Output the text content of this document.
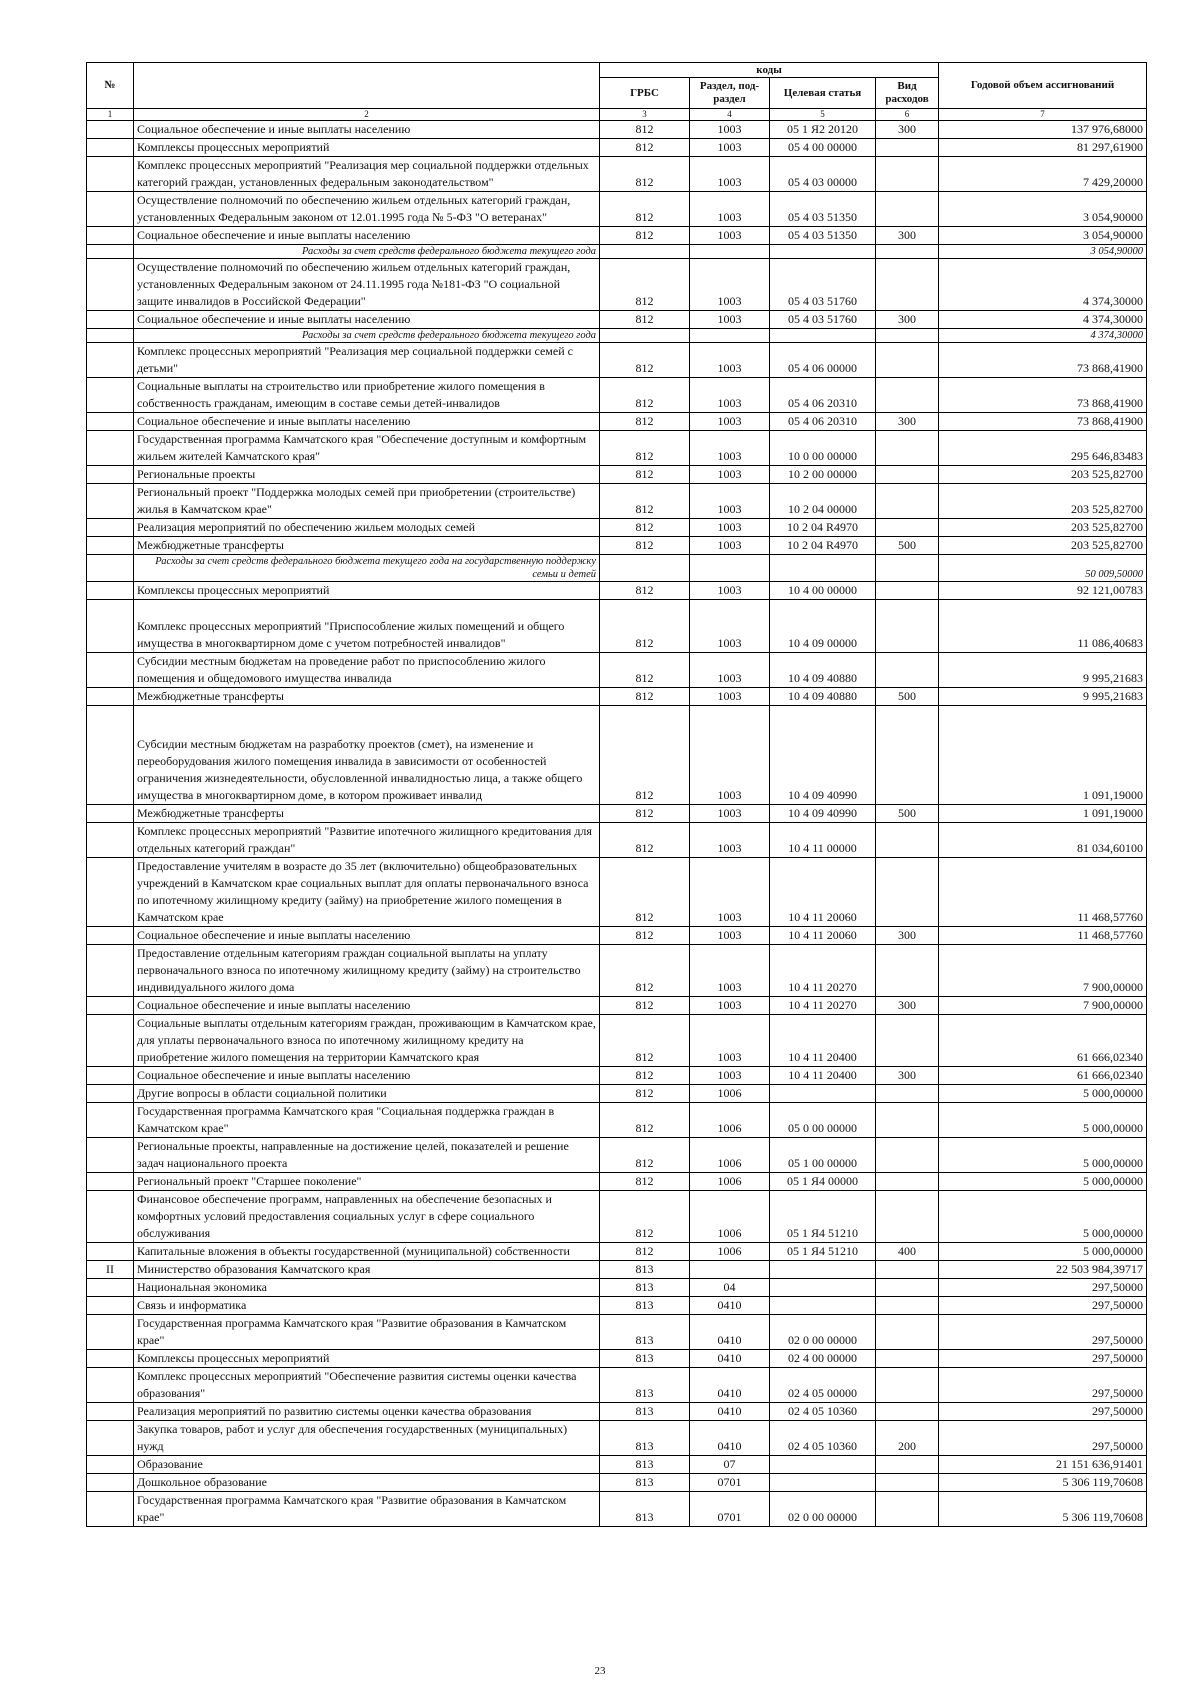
№		коды				Годовой объем ассигнований
		ГРБС	Раздел, под-раздел	Целевая статья	Вид расходов	
1	2	3	4	5	6	7
	Социальное обеспечение и иные выплаты населению	812	1003	05 1 Я2 20120	300	137 976,68000
	Комплексы процессных мероприятий	812	1003	05 4 00 00000		81 297,61900
	Комплекс процессных мероприятий "Реализация мер социальной поддержки отдельных категорий граждан, установленных федеральным законодательством"	812	1003	05 4 03 00000		7 429,20000
	Осуществление полномочий по обеспечению жильем отдельных категорий граждан, установленных Федеральным законом от 12.01.1995 года № 5-ФЗ "О ветеранах"	812	1003	05 4 03 51350		3 054,90000
	Социальное обеспечение и иные выплаты населению	812	1003	05 4 03 51350	300	3 054,90000
	Расходы за счет средств федерального бюджета текущего года					3 054,90000
	Осуществление полномочий по обеспечению жильем отдельных категорий граждан, установленных Федеральным законом от 24.11.1995 года №181-ФЗ "О социальной защите инвалидов в Российской Федерации"	812	1003	05 4 03 51760		4 374,30000
	Социальное обеспечение и иные выплаты населению	812	1003	05 4 03 51760	300	4 374,30000
	Расходы за счет средств федерального бюджета текущего года					4 374,30000
	Комплекс процессных мероприятий "Реализация мер социальной поддержки семей с детьми"	812	1003	05 4 06 00000		73 868,41900
	Социальные выплаты на строительство или приобретение жилого помещения в собственность гражданам, имеющим в составе семьи детей-инвалидов	812	1003	05 4 06 20310		73 868,41900
	Социальное обеспечение и иные выплаты населению	812	1003	05 4 06 20310	300	73 868,41900
	Государственная программа Камчатского края "Обеспечение доступным и комфортным жильем жителей Камчатского края"	812	1003	10 0 00 00000		295 646,83483
	Региональные проекты	812	1003	10 2 00 00000		203 525,82700
	Региональный проект "Поддержка молодых семей при приобретении (строительстве) жилья в Камчатском крае"	812	1003	10 2 04 00000		203 525,82700
	Реализация мероприятий по обеспечению жильем молодых семей	812	1003	10 2 04 R4970		203 525,82700
	Межбюджетные трансферты	812	1003	10 2 04 R4970	500	203 525,82700
	Расходы за счет средств федерального бюджета текущего года на государственную поддержку семьи и детей					50 009,50000
	Комплексы процессных мероприятий	812	1003	10 4 00 00000		92 121,00783
	Комплекс процессных мероприятий "Приспособление жилых помещений и общего имущества в многоквартирном доме с учетом потребностей инвалидов"	812	1003	10 4 09 00000		11 086,40683
	Субсидии местным бюджетам на проведение работ по приспособлению жилого помещения и общедомового имущества инвалида	812	1003	10 4 09 40880		9 995,21683
	Межбюджетные трансферты	812	1003	10 4 09 40880	500	9 995,21683
	Субсидии местным бюджетам на разработку проектов (смет), на изменение и переоборудования жилого помещения инвалида в зависимости от особенностей ограничения жизнедеятельности, обусловленной инвалидностью лица, а также общего имущества в многоквартирном доме, в котором проживает инвалид	812	1003	10 4 09 40990		1 091,19000
	Межбюджетные трансферты	812	1003	10 4 09 40990	500	1 091,19000
	Комплекс процессных мероприятий "Развитие ипотечного жилищного кредитования для отдельных категорий граждан"	812	1003	10 4 11 00000		81 034,60100
	Предоставление учителям в возрасте до 35 лет (включительно) общеобразовательных учреждений в Камчатском крае социальных выплат для оплаты первоначального взноса по ипотечному жилищному кредиту (займу) на приобретение жилого помещения в Камчатском крае	812	1003	10 4 11 20060		11 468,57760
	Социальное обеспечение и иные выплаты населению	812	1003	10 4 11 20060	300	11 468,57760
	Предоставление отдельным категориям граждан социальной выплаты на уплату первоначального взноса по ипотечному жилищному кредиту (займу) на строительство индивидуального жилого дома	812	1003	10 4 11 20270		7 900,00000
	Социальное обеспечение и иные выплаты населению	812	1003	10 4 11 20270	300	7 900,00000
	Социальные выплаты отдельным категориям граждан, проживающим в Камчатском крае, для уплаты первоначального взноса по ипотечному жилищному кредиту на приобретение жилого помещения на территории Камчатского края	812	1003	10 4 11 20400		61 666,02340
	Социальное обеспечение и иные выплаты населению	812	1003	10 4 11 20400	300	61 666,02340
	Другие вопросы в области социальной политики	812	1006			5 000,00000
	Государственная программа Камчатского края "Социальная поддержка граждан в Камчатском крае"	812	1006	05 0 00 00000		5 000,00000
	Региональные проекты, направленные на достижение целей, показателей и решение задач национального проекта	812	1006	05 1 00 00000		5 000,00000
	Региональный проект "Старшее поколение"	812	1006	05 1 Я4 00000		5 000,00000
	Финансовое обеспечение программ, направленных на обеспечение безопасных и комфортных условий предоставления социальных услуг в сфере социального обслуживания	812	1006	05 1 Я4 51210		5 000,00000
	Капитальные вложения в объекты государственной (муниципальной) собственности	812	1006	05 1 Я4 51210	400	5 000,00000
II	Министерство образования Камчатского края	813				22 503 984,39717
	Национальная экономика	813	04			297,50000
	Связь и информатика	813	0410			297,50000
	Государственная программа Камчатского края "Развитие образования в Камчатском крае"	813	0410	02 0 00 00000		297,50000
	Комплексы процессных мероприятий	813	0410	02 4 00 00000		297,50000
	Комплекс процессных мероприятий "Обеспечение развития системы оценки качества образования"	813	0410	02 4 05 00000		297,50000
	Реализация мероприятий по развитию системы оценки качества образования	813	0410	02 4 05 10360		297,50000
	Закупка товаров, работ и услуг для обеспечения государственных (муниципальных) нужд	813	0410	02 4 05 10360	200	297,50000
	Образование	813	07			21 151 636,91401
	Дошкольное образование	813	0701			5 306 119,70608
	Государственная программа Камчатского края "Развитие образования в Камчатском крае"	813	0701	02 0 00 00000		5 306 119,70608
23
